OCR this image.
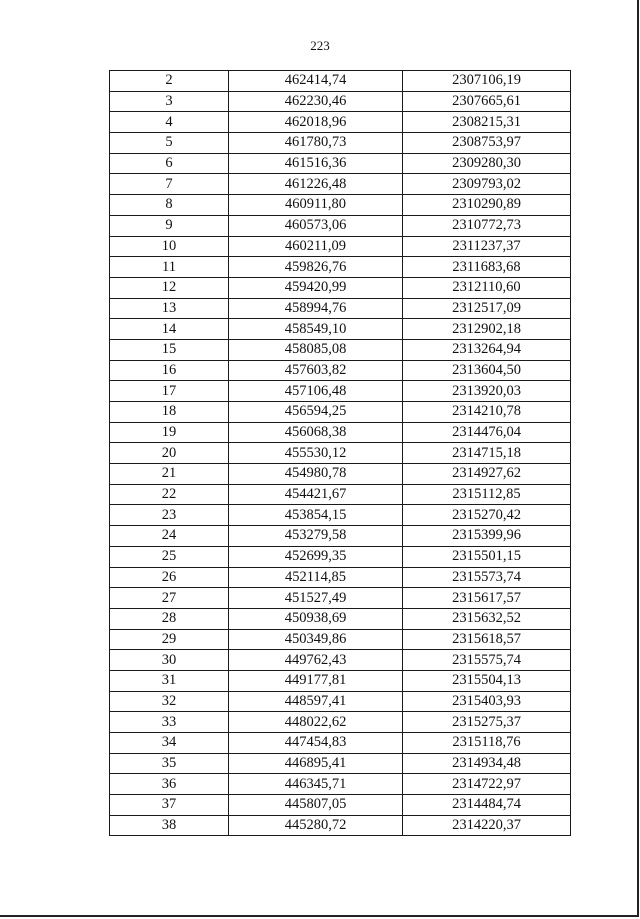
223
2	462414,74	2307106,19
3	462230,46	2307665,61
4	462018,96	2308215,31
5	461780,73	2308753,97
6	461516,36	2309280,30
7	461226,48	2309793,02
8	460911,80	2310290,89
9	460573,06	2310772,73
10	460211,09	2311237,37
11	459826,76	2311683,68
12	459420,99	2312110,60
13	458994,76	2312517,09
14	458549,10	2312902,18
15	458085,08	2313264,94
16	457603,82	2313604,50
17	457106,48	2313920,03
18	456594,25	2314210,78
19	456068,38	2314476,04
20	455530,12	2314715,18
21	454980,78	2314927,62
22	454421,67	2315112,85
23	453854,15	2315270,42
24	453279,58	2315399,96
25	452699,35	2315501,15
26	452114,85	2315573,74
27	451527,49	2315617,57
28	450938,69	2315632,52
29	450349,86	2315618,57
30	449762,43	2315575,74
31	449177,81	2315504,13
32	448597,41	2315403,93
33	448022,62	2315275,37
34	447454,83	2315118,76
35	446895,41	2314934,48
36	446345,71	2314722,97
37	445807,05	2314484,74
38	445280,72	2314220,37
